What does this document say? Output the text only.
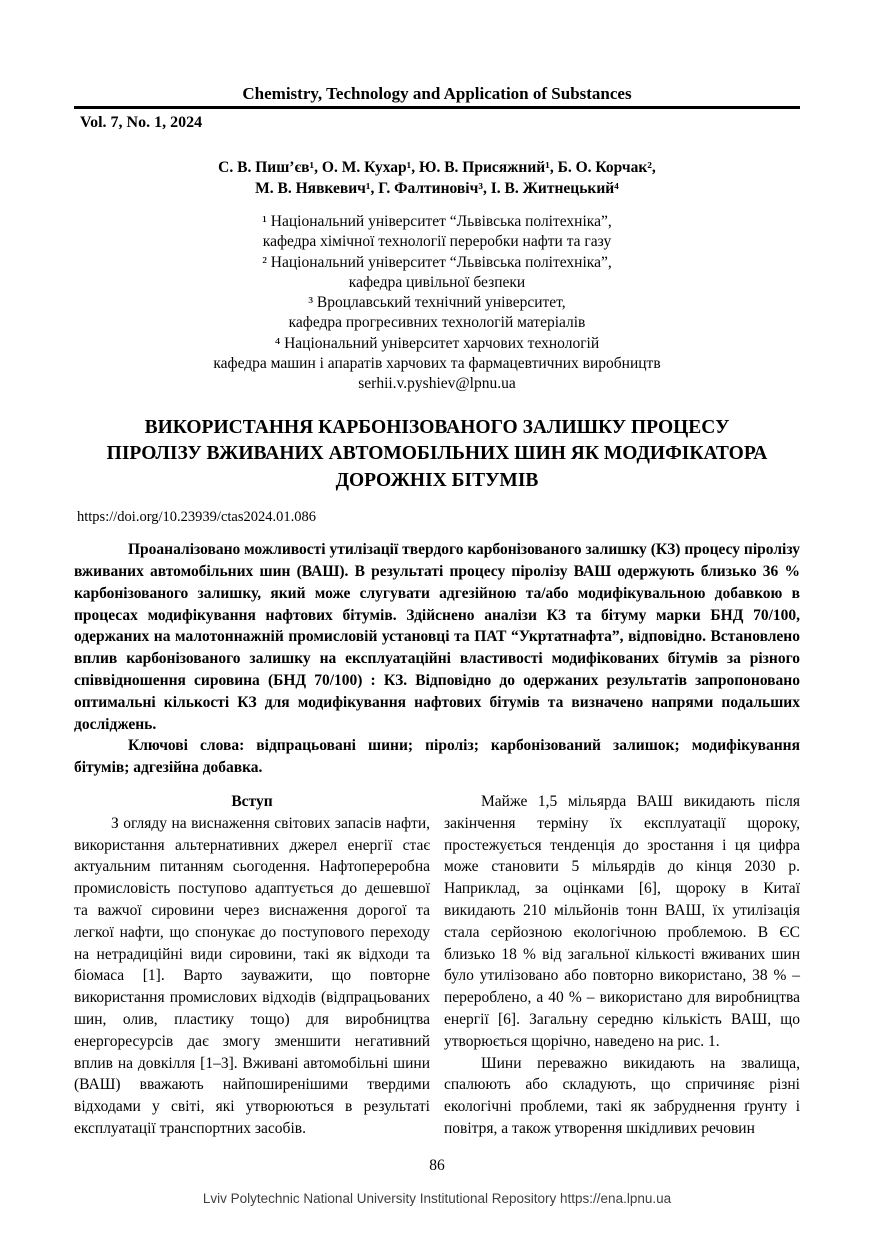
Chemistry, Technology and Application of Substances
Vol. 7, No. 1, 2024
С. В. Пиш’єв¹, О. М. Кухар¹, Ю. В. Присяжний¹, Б. О. Корчак²,
М. В. Нявкевич¹, Г. Фалтиновіч³, І. В. Житнецький⁴
¹ Національний університет “Львівська політехніка”,
кафедра хімічної технології переробки нафти та газу
² Національний університет “Львівська політехніка”,
кафедра цивільної безпеки
³ Вроцлавський технічний університет,
кафедра прогресивних технологій матеріалів
⁴ Національний університет харчових технологій
кафедра машин і апаратів харчових та фармацевтичних виробництв
serhii.v.pyshiev@lpnu.ua
ВИКОРИСТАННЯ КАРБОНІЗОВАНОГО ЗАЛИШКУ ПРОЦЕСУ
ПІРОЛІЗУ ВЖИВАНИХ АВТОМОБІЛЬНИХ ШИН ЯК МОДИФІКАТОРА
ДОРОЖНІХ БІТУМІВ
https://doi.org/10.23939/ctas2024.01.086

Проаналізовано можливості утилізації твердого карбонізованого залишку (КЗ) процесу піролізу вживаних автомобільних шин (ВАШ). В результаті процесу піролізу ВАШ одержують близько 36 % карбонізованого залишку, який може слугувати адгезійною та/або модифікувальною добавкою в процесах модифікування нафтових бітумів. Здійснено аналізи КЗ та бітуму марки БНД 70/100, одержаних на малотоннажній промисловій установці та ПАТ “Укртатнафта”, відповідно. Встановлено вплив карбонізованого залишку на експлуатаційні властивості модифікованих бітумів за різного співвідношення сировина (БНД 70/100) : КЗ. Відповідно до одержаних результатів запропоновано оптимальні кількості КЗ для модифікування нафтових бітумів та визначено напрями подальших досліджень.

Ключові слова: відпрацьовані шини; піроліз; карбонізований залишок; модифікування бітумів; адгезійна добавка.

Вступ

З огляду на виснаження світових запасів нафти, використання альтернативних джерел енергії стає актуальним питанням сьогодення. Нафтопереробна промисловість поступово адаптується до дешевшої та важчої сировини через виснаження дорогої та легкої нафти, що спонукає до поступового переходу на нетрадиційні види сировини, такі як відходи та біомаса [1]. Варто зауважити, що повторне використання промислових відходів (відпрацьованих шин, олив, пластику тощо) для виробництва енергоресурсів дає змогу зменшити негативний вплив на довкілля [1–3]. Вживані автомобільні шини (ВАШ) вважають найпоширенішими твердими відходами у світі, які утворюються в результаті експлуатації транспортних засобів.

Майже 1,5 мільярда ВАШ викидають після закінчення терміну їх експлуатації щороку, простежується тенденція до зростання і ця цифра може становити 5 мільярдів до кінця 2030 р. Наприклад, за оцінками [6], щороку в Китаї викидають 210 мільйонів тонн ВАШ, їх утилізація стала серйозною екологічною проблемою. В ЄС близько 18 % від загальної кількості вживаних шин було утилізовано або повторно використано, 38 % – перероблено, а 40 % – використано для виробництва енергії [6]. Загальну середню кількість ВАШ, що утворюється щорічно, наведено на рис. 1.

Шини переважно викидають на звалища, спалюють або складують, що спричиняє різні екологічні проблеми, такі як забруднення ґрунту і повітря, а також утворення шкідливих речовин

86
Lviv Polytechnic National University Institutional Repository https://ena.lpnu.ua
